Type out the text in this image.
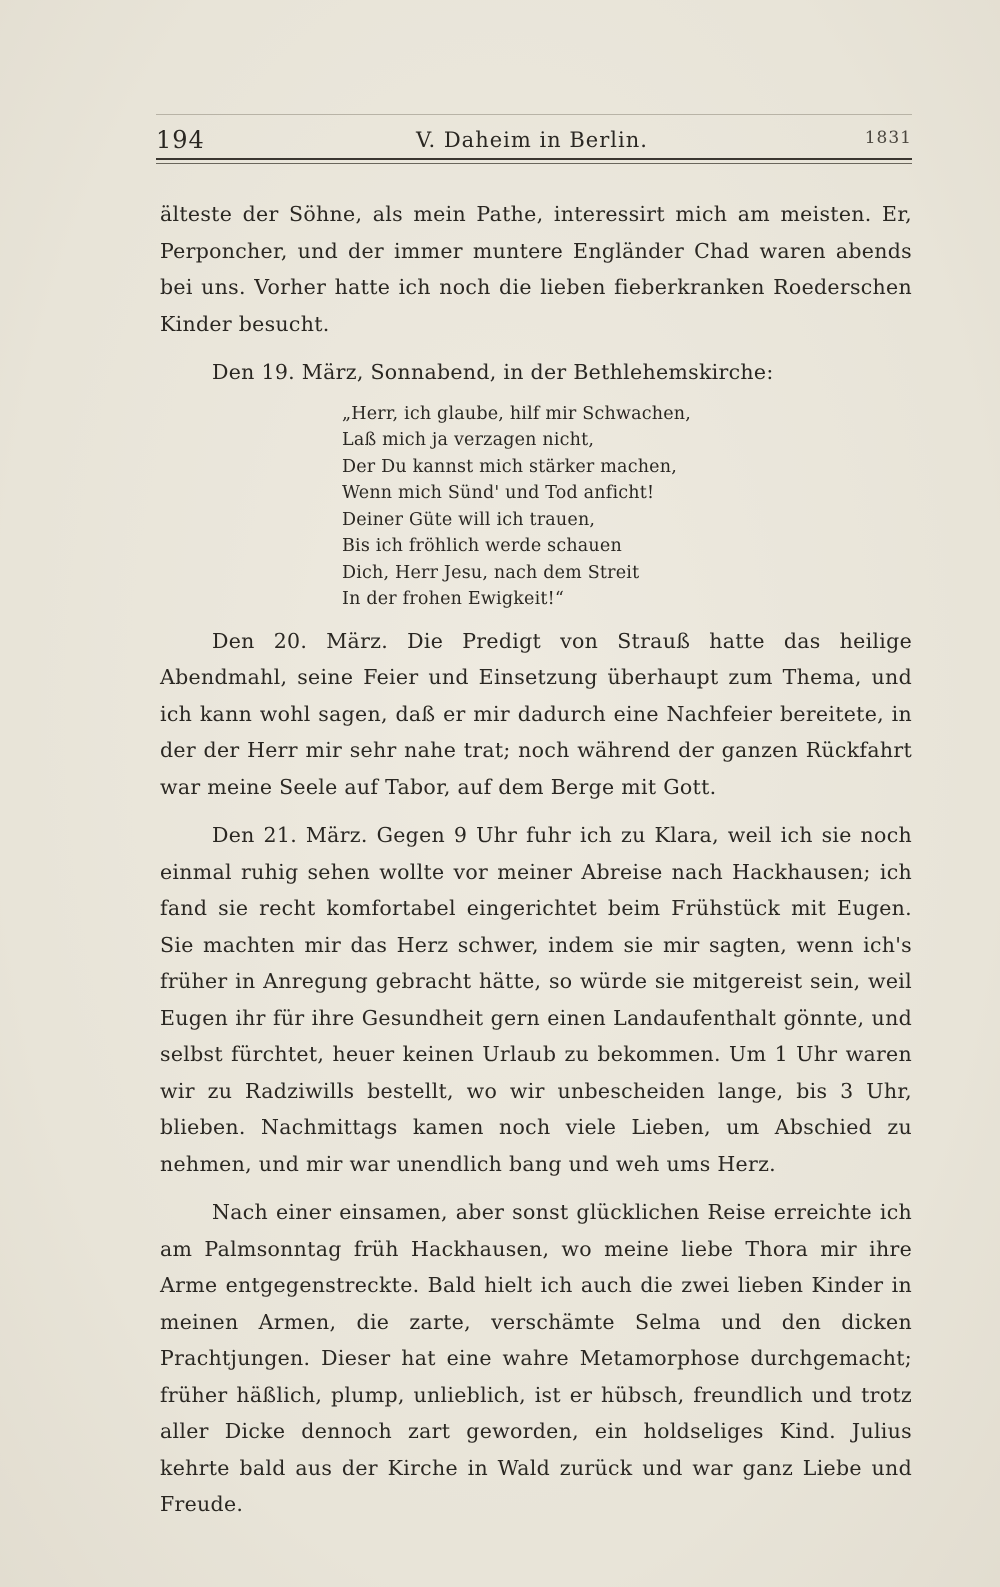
194	V. Daheim in Berlin.	1831

älteste der Söhne, als mein Pathe, interessirt mich am meisten. Er, Perponcher, und der immer muntere Engländer Chad waren abends bei uns. Vorher hatte ich noch die lieben fieberkranken Roederschen Kinder besucht.

Den 19. März, Sonnabend, in der Bethlehemskirche:

„Herr, ich glaube, hilf mir Schwachen,
Laß mich ja verzagen nicht,
Der Du kannst mich stärker machen,
Wenn mich Sünd' und Tod anficht!
Deiner Güte will ich trauen,
Bis ich fröhlich werde schauen
Dich, Herr Jesu, nach dem Streit
In der frohen Ewigkeit!“

Den 20. März. Die Predigt von Strauß hatte das heilige Abendmahl, seine Feier und Einsetzung überhaupt zum Thema, und ich kann wohl sagen, daß er mir dadurch eine Nachfeier bereitete, in der der Herr mir sehr nahe trat; noch während der ganzen Rückfahrt war meine Seele auf Tabor, auf dem Berge mit Gott.

Den 21. März. Gegen 9 Uhr fuhr ich zu Klara, weil ich sie noch einmal ruhig sehen wollte vor meiner Abreise nach Hackhausen; ich fand sie recht komfortabel eingerichtet beim Frühstück mit Eugen. Sie machten mir das Herz schwer, indem sie mir sagten, wenn ich's früher in Anregung gebracht hätte, so würde sie mitgereist sein, weil Eugen ihr für ihre Gesundheit gern einen Landaufenthalt gönnte, und selbst fürchtet, heuer keinen Urlaub zu bekommen. Um 1 Uhr waren wir zu Radziwills bestellt, wo wir unbescheiden lange, bis 3 Uhr, blieben. Nachmittags kamen noch viele Lieben, um Abschied zu nehmen, und mir war unendlich bang und weh ums Herz.

Nach einer einsamen, aber sonst glücklichen Reise erreichte ich am Palmsonntag früh Hackhausen, wo meine liebe Thora mir ihre Arme entgegenstreckte. Bald hielt ich auch die zwei lieben Kinder in meinen Armen, die zarte, verschämte Selma und den dicken Prachtjungen. Dieser hat eine wahre Metamorphose durchgemacht; früher häßlich, plump, unlieblich, ist er hübsch, freundlich und trotz aller Dicke dennoch zart geworden, ein holdseliges Kind. Julius kehrte bald aus der Kirche in Wald zurück und war ganz Liebe und Freude.
